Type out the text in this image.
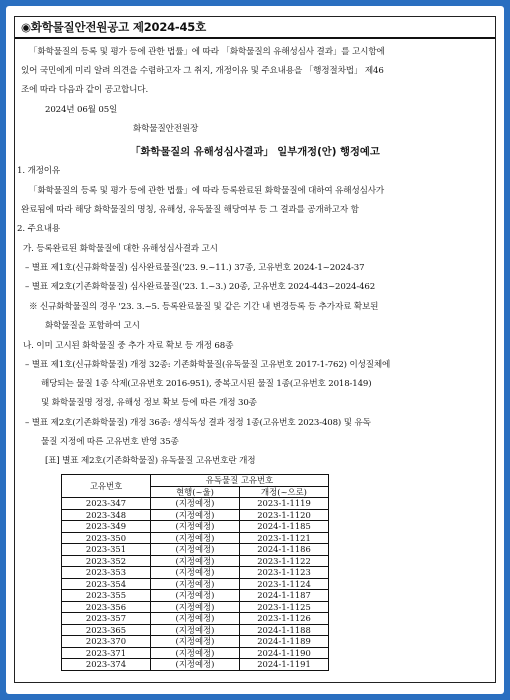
◉화학물질안전원공고 제2024-45호
「화학물질의 등록 및 평가 등에 관한 법률」에 따라 「화학물질의 유해성심사 결과」를 고시함에
있어 국민에게 미리 알려 의견을 수렴하고자 그 취지, 개정이유 및 주요내용을 「행정절차법」 제46
조에 따라 다음과 같이 공고합니다.
2024년 06월 05일
화학물질안전원장
「화학물질의 유해성심사결과」 일부개정(안) 행정예고
1. 개정이유
「화학물질의 등록 및 평가 등에 관한 법률」에 따라 등록완료된 화학물질에 대하여 유해성심사가
완료됨에 따라 해당 화학물질의 명칭, 유해성, 유독물질 해당여부 등 그 결과를 공개하고자 함
2. 주요내용
가. 등록완료된 화학물질에 대한 유해성심사결과 고시
– 별표 제1호(신규화학물질) 심사완료물질('23. 9.~11.) 37종, 고유번호 2024-1~2024-37
– 별표 제2호(기존화학물질) 심사완료물질('23. 1.~3.) 20종, 고유번호 2024-443~2024-462
※ 신규화학물질의 경우 '23. 3.~5. 등록완료물질 및 같은 기간 내 변경등록 등 추가자료 확보된
화학물질을 포함하여 고시
나. 이미 고시된 화학물질 중 추가 자료 확보 등 개정 68종
– 별표 제1호(신규화학물질) 개정 32종: 기존화학물질(유독물질 고유번호 2017-1-762) 이성질체에
해당되는 물질 1종 삭제(고유번호 2016-951), 중복고시된 물질 1종(고유번호 2018-149)
및 화학물질명 정정, 유해성 정보 확보 등에 따른 개정 30종
– 별표 제2호(기존화학물질) 개정 36종: 생식독성 결과 정정 1종(고유번호 2023-408) 및 유독
물질 지정에 따른 고유번호 반영 35종
[표] 별표 제2호(기존화학물질) 유독물질 고유번호란 개정
고유번호	유독물질 고유번호	
	현행(~울)	개정(~으로)
2023-347	(지정예정)	2023-1-1119
2023-348	(지정예정)	2023-1-1120
2023-349	(지정예정)	2024-1-1185
2023-350	(지정예정)	2023-1-1121
2023-351	(지정예정)	2024-1-1186
2023-352	(지정예정)	2023-1-1122
2023-353	(지정예정)	2023-1-1123
2023-354	(지정예정)	2023-1-1124
2023-355	(지정예정)	2024-1-1187
2023-356	(지정예정)	2023-1-1125
2023-357	(지정예정)	2023-1-1126
2023-365	(지정예정)	2024-1-1188
2023-370	(지정예정)	2024-1-1189
2023-371	(지정예정)	2024-1-1190
2023-374	(지정예정)	2024-1-1191
